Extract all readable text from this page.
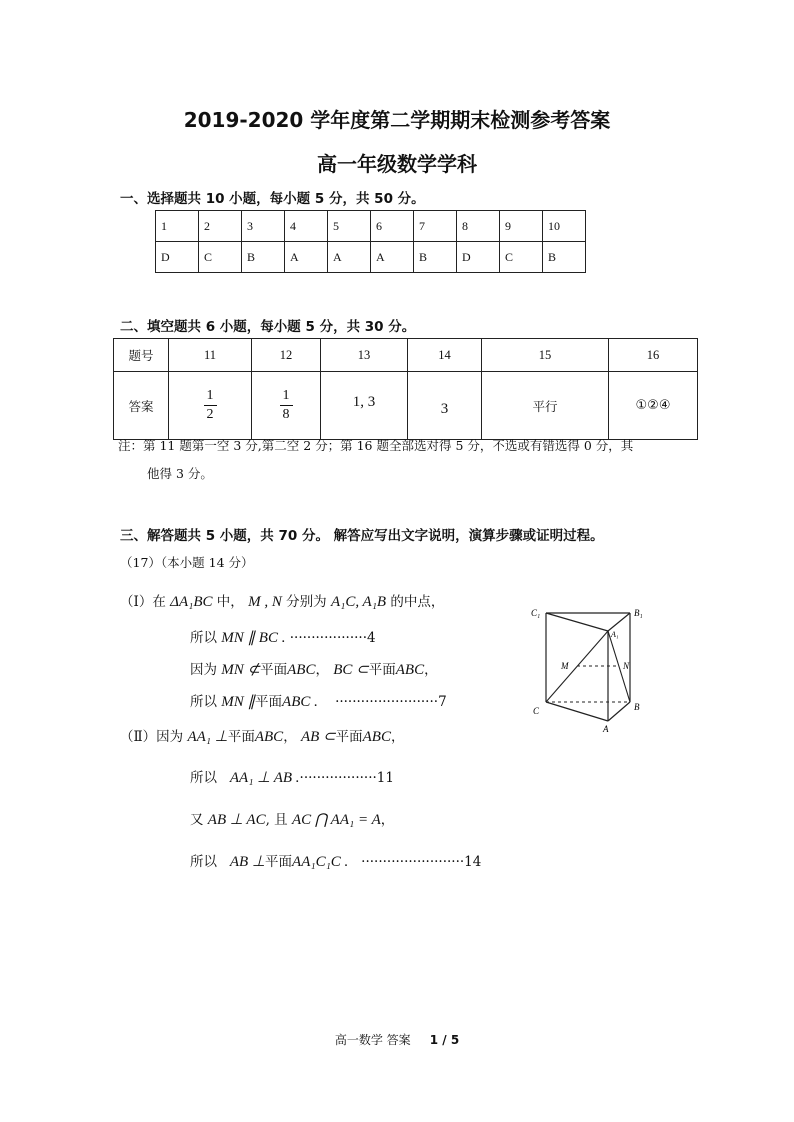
2019-2020 学年度第二学期期末检测参考答案
高一年级数学学科
一、选择题共 10 小题，每小题 5 分，共 50 分。
1	2	3	4	5	6	7	8	9	10
D	C	B	A	A	A	B	D	C	B
二、填空题共 6 小题，每小题 5 分，共 30 分。
题号	11	12	13	14	15	16
答案	$\frac{1}{2}$	$\frac{1}{8}$	1, 3	3	平行	①②④
注：第 11 题第一空 3 分,第二空 2 分；第 16 题全部选对得 5 分，不选或有错选得 0 分，其
他得 3 分。
三、解答题共 5 小题，共 70 分。 解答应写出文字说明，演算步骤或证明过程。
（17）（本小题 14 分）
（Ⅰ）在 ΔA₁BC 中， M , N 分别为 A₁C, A₁B 的中点，
所以 MN ∥ BC . ··················4
因为 MN ⊄平面ABC， BC ⊂平面ABC，
所以 MN ∥平面ABC . ························7
（Ⅱ）因为 AA₁ ⊥平面ABC， AB ⊂平面ABC，
所以 AA₁ ⊥ AB .··················11
又 AB ⊥ AC, 且 AC ⋂ AA₁ = A，
所以 AB ⊥平面AA₁C₁C . ························14
C₁	B₁
A₁
M	N
C	B
A
高一数学 答案 1 / 5
